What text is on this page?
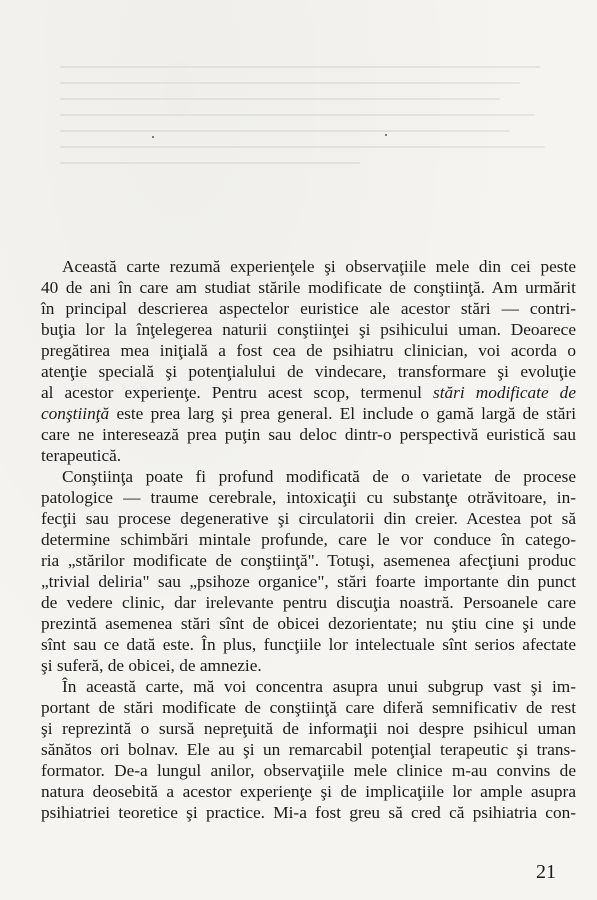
Această carte rezumă experienţele şi observaţiile mele din cei peste
40 de ani în care am studiat stările modificate de conştiinţă. Am urmărit
în principal descrierea aspectelor euristice ale acestor stări — contri-
buţia lor la înţelegerea naturii conştiinţei şi psihicului uman. Deoarece
pregătirea mea iniţială a fost cea de psihiatru clinician, voi acorda o
atenţie specială şi potenţialului de vindecare, transformare şi evoluţie
al acestor experienţe. Pentru acest scop, termenul stări modificate de
conştiinţă este prea larg şi prea general. El include o gamă largă de stări
care ne interesează prea puţin sau deloc dintr-o perspectivă euristică sau
terapeutică.
Conştiinţa poate fi profund modificată de o varietate de procese
patologice — traume cerebrale, intoxicaţii cu substanţe otrăvitoare, in-
fecţii sau procese degenerative şi circulatorii din creier. Acestea pot să
determine schimbări mintale profunde, care le vor conduce în catego-
ria „stărilor modificate de conştiinţă". Totuşi, asemenea afecţiuni produc
„trivial deliria" sau „psihoze organice", stări foarte importante din punct
de vedere clinic, dar irelevante pentru discuţia noastră. Persoanele care
prezintă asemenea stări sînt de obicei dezorientate; nu ştiu cine şi unde
sînt sau ce dată este. În plus, funcţiile lor intelectuale sînt serios afectate
şi suferă, de obicei, de amnezie.
În această carte, mă voi concentra asupra unui subgrup vast şi im-
portant de stări modificate de conştiinţă care diferă semnificativ de rest
şi reprezintă o sursă nepreţuită de informaţii noi despre psihicul uman
sănătos ori bolnav. Ele au şi un remarcabil potenţial terapeutic şi trans-
formator. De-a lungul anilor, observaţiile mele clinice m-au convins de
natura deosebită a acestor experienţe şi de implicaţiile lor ample asupra
psihiatriei teoretice şi practice. Mi-a fost greu să cred că psihiatria con-
21
